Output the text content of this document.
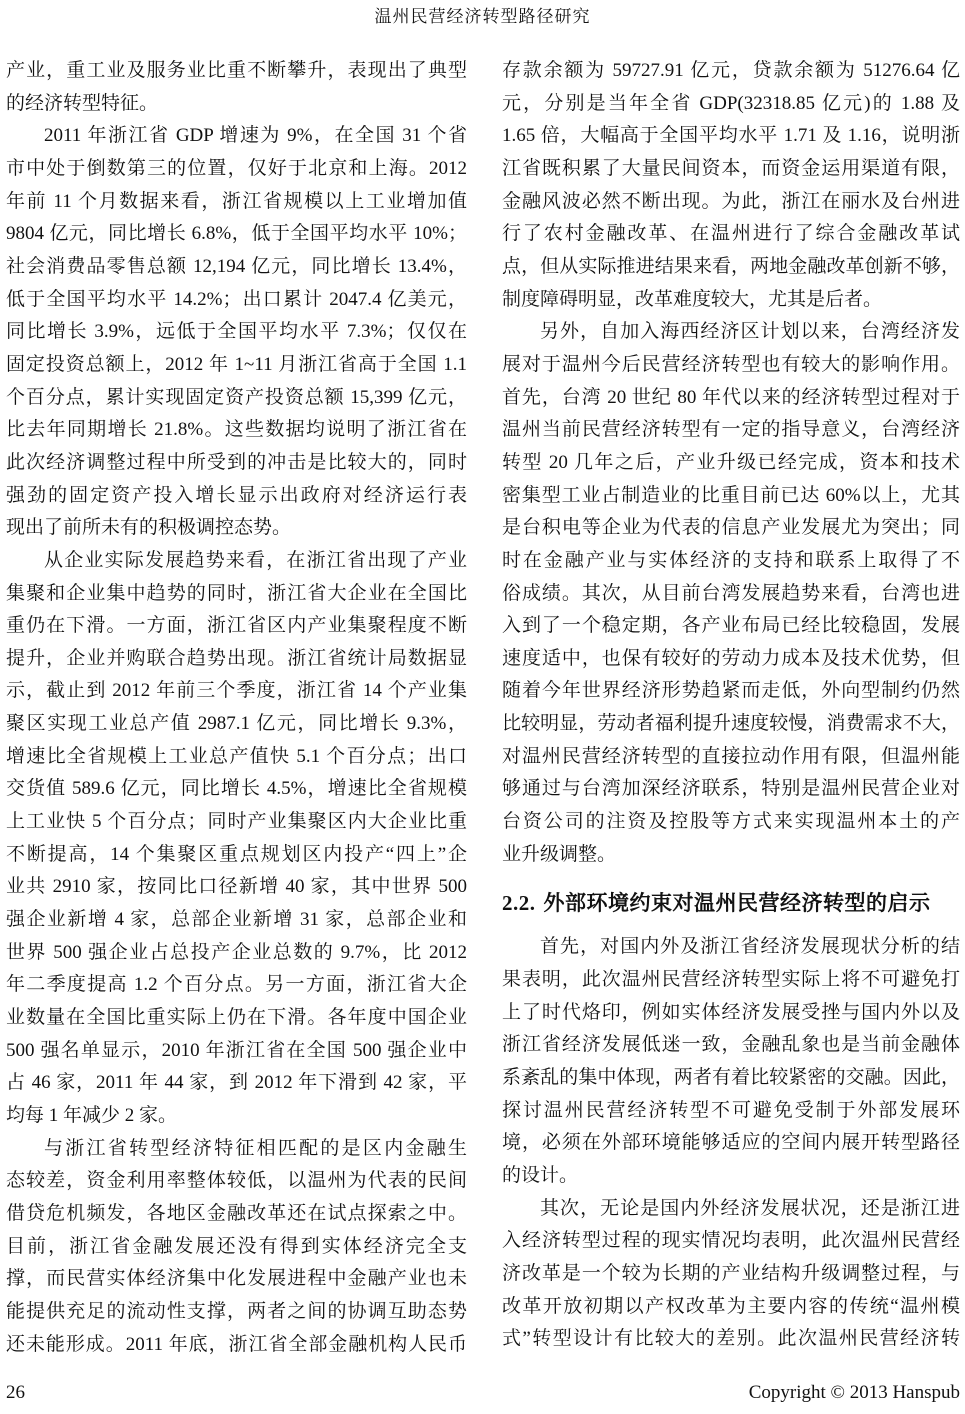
温州民营经济转型路径研究
产业，重工业及服务业比重不断攀升，表现出了典型
的经济转型特征。
2011 年浙江省 GDP 增速为 9%，在全国 31 个省
市中处于倒数第三的位置，仅好于北京和上海。2012
年前 11 个月数据来看，浙江省规模以上工业增加值
9804 亿元，同比增长 6.8%，低于全国平均水平 10%；
社会消费品零售总额 12,194 亿元，同比增长 13.4%，
低于全国平均水平 14.2%；出口累计 2047.4 亿美元，
同比增长 3.9%，远低于全国平均水平 7.3%；仅仅在
固定投资总额上，2012 年 1~11 月浙江省高于全国 1.1
个百分点，累计实现固定资产投资总额 15,399 亿元，
比去年同期增长 21.8%。这些数据均说明了浙江省在
此次经济调整过程中所受到的冲击是比较大的，同时
强劲的固定资产投入增长显示出政府对经济运行表
现出了前所未有的积极调控态势。
从企业实际发展趋势来看，在浙江省出现了产业
集聚和企业集中趋势的同时，浙江省大企业在全国比
重仍在下滑。一方面，浙江省区内产业集聚程度不断
提升，企业并购联合趋势出现。浙江省统计局数据显
示，截止到 2012 年前三个季度，浙江省 14 个产业集
聚区实现工业总产值 2987.1 亿元，同比增长 9.3%，
增速比全省规模上工业总产值快 5.1 个百分点；出口
交货值 589.6 亿元，同比增长 4.5%，增速比全省规模
上工业快 5 个百分点；同时产业集聚区内大企业比重
不断提高，14 个集聚区重点规划区内投产“四上”企
业共 2910 家，按同比口径新增 40 家，其中世界 500
强企业新增 4 家，总部企业新增 31 家，总部企业和
世界 500 强企业占总投产企业总数的 9.7%，比 2012
年二季度提高 1.2 个百分点。另一方面，浙江省大企
业数量在全国比重实际上仍在下滑。各年度中国企业
500 强名单显示，2010 年浙江省在全国 500 强企业中
占 46 家，2011 年 44 家，到 2012 年下滑到 42 家，平
均每 1 年减少 2 家。
与浙江省转型经济特征相匹配的是区内金融生
态较差，资金利用率整体较低，以温州为代表的民间
借贷危机频发，各地区金融改革还在试点探索之中。
目前，浙江省金融发展还没有得到实体经济完全支
撑，而民营实体经济集中化发展进程中金融产业也未
能提供充足的流动性支撑，两者之间的协调互助态势
还未能形成。2011 年底，浙江省全部金融机构人民币
存款余额为 59727.91 亿元，贷款余额为 51276.64 亿
元，分别是当年全省 GDP(32318.85 亿元)的 1.88 及
1.65 倍，大幅高于全国平均水平 1.71 及 1.16，说明浙
江省既积累了大量民间资本，而资金运用渠道有限，
金融风波必然不断出现。为此，浙江在丽水及台州进
行了农村金融改革、在温州进行了综合金融改革试
点，但从实际推进结果来看，两地金融改革创新不够，
制度障碍明显，改革难度较大，尤其是后者。
另外，自加入海西经济区计划以来，台湾经济发
展对于温州今后民营经济转型也有较大的影响作用。
首先，台湾 20 世纪 80 年代以来的经济转型过程对于
温州当前民营经济转型有一定的指导意义，台湾经济
转型 20 几年之后，产业升级已经完成，资本和技术
密集型工业占制造业的比重目前已达 60%以上，尤其
是台积电等企业为代表的信息产业发展尤为突出；同
时在金融产业与实体经济的支持和联系上取得了不
俗成绩。其次，从目前台湾发展趋势来看，台湾也进
入到了一个稳定期，各产业布局已经比较稳固，发展
速度适中，也保有较好的劳动力成本及技术优势，但
随着今年世界经济形势趋紧而走低，外向型制约仍然
比较明显，劳动者福利提升速度较慢，消费需求不大，
对温州民营经济转型的直接拉动作用有限，但温州能
够通过与台湾加深经济联系，特别是温州民营企业对
台资公司的注资及控股等方式来实现温州本土的产
业升级调整。
2.2. 外部环境约束对温州民营经济转型的启示
首先，对国内外及浙江省经济发展现状分析的结
果表明，此次温州民营经济转型实际上将不可避免打
上了时代烙印，例如实体经济发展受挫与国内外以及
浙江省经济发展低迷一致，金融乱象也是当前金融体
系紊乱的集中体现，两者有着比较紧密的交融。因此，
探讨温州民营经济转型不可避免受制于外部发展环
境，必须在外部环境能够适应的空间内展开转型路径
的设计。
其次，无论是国内外经济发展状况，还是浙江进
入经济转型过程的现实情况均表明，此次温州民营经
济改革是一个较为长期的产业结构升级调整过程，与
改革开放初期以产权改革为主要内容的传统“温州模
式”转型设计有比较大的差别。此次温州民营经济转
26	Copyright © 2013 Hanspub
